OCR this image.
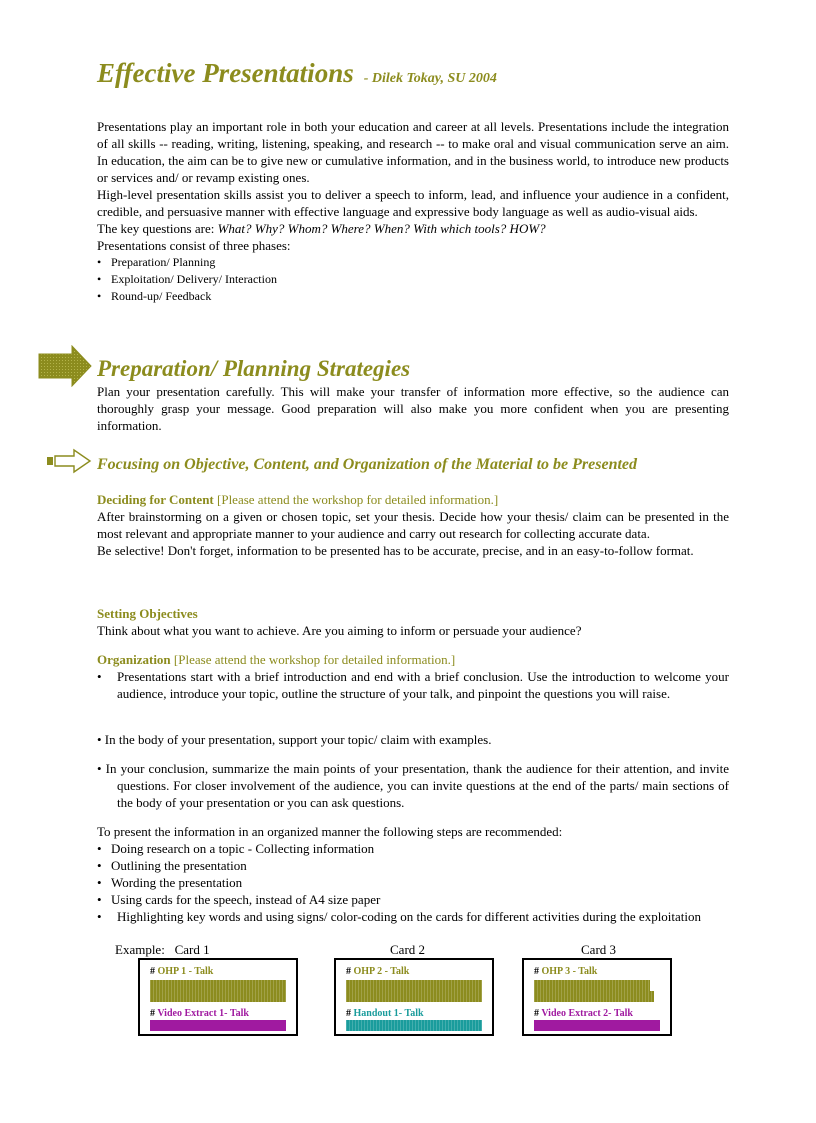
Effective Presentations - Dilek Tokay, SU 2004

Presentations play an important role in both your education and career at all levels. Presentations include the integration of all skills -- reading, writing, listening, speaking, and research -- to make oral and visual communication serve an aim. In education, the aim can be to give new or cumulative information, and in the business world, to introduce new products or services and/ or revamp existing ones.

High-level presentation skills assist you to deliver a speech to inform, lead, and influence your audience in a confident, credible, and persuasive manner with effective language and expressive body language as well as audio-visual aids.

The key questions are: What? Why? Whom? Where? When? With which tools? HOW?

Presentations consist of three phases:

• Preparation/ Planning
• Exploitation/ Delivery/ Interaction
• Round-up/ Feedback
Preparation/ Planning Strategies

Plan your presentation carefully. This will make your transfer of information more effective, so the audience can thoroughly grasp your message. Good preparation will also make you more confident when you are presenting information.

Focusing on Objective, Content, and Organization of the Material to be Presented

Deciding for Content [Please attend the workshop for detailed information.]

After brainstorming on a given or chosen topic, set your thesis. Decide how your thesis/ claim can be presented in the most relevant and appropriate manner to your audience and carry out research for collecting accurate data.

Be selective! Don't forget, information to be presented has to be accurate, precise, and in an easy-to-follow format.

Setting Objectives

Think about what you want to achieve. Are you aiming to inform or persuade your audience?

Organization [Please attend the workshop for detailed information.]

• Presentations start with a brief introduction and end with a brief conclusion. Use the introduction to welcome your audience, introduce your topic, outline the structure of your talk, and pinpoint the questions you will raise.

• In the body of your presentation, support your topic/ claim with examples.

• In your conclusion, summarize the main points of your presentation, thank the audience for their attention, and invite questions. For closer involvement of the audience, you can invite questions at the end of the parts/ main sections of the body of your presentation or you can ask questions.

To present the information in an organized manner the following steps are recommended:

• Doing research on a topic - Collecting information
• Outlining the presentation
• Wording the presentation
• Using cards for the speech, instead of A4 size paper
• Highlighting key words and using signs/ color-coding on the cards for different activities during the exploitation
Example:   Card 1	Card 2	Card 3
# OHP 1 - Talk
# Video Extract 1- Talk
# OHP 2 - Talk
# Handout 1- Talk
# OHP 3 - Talk
# Video Extract 2- Talk
